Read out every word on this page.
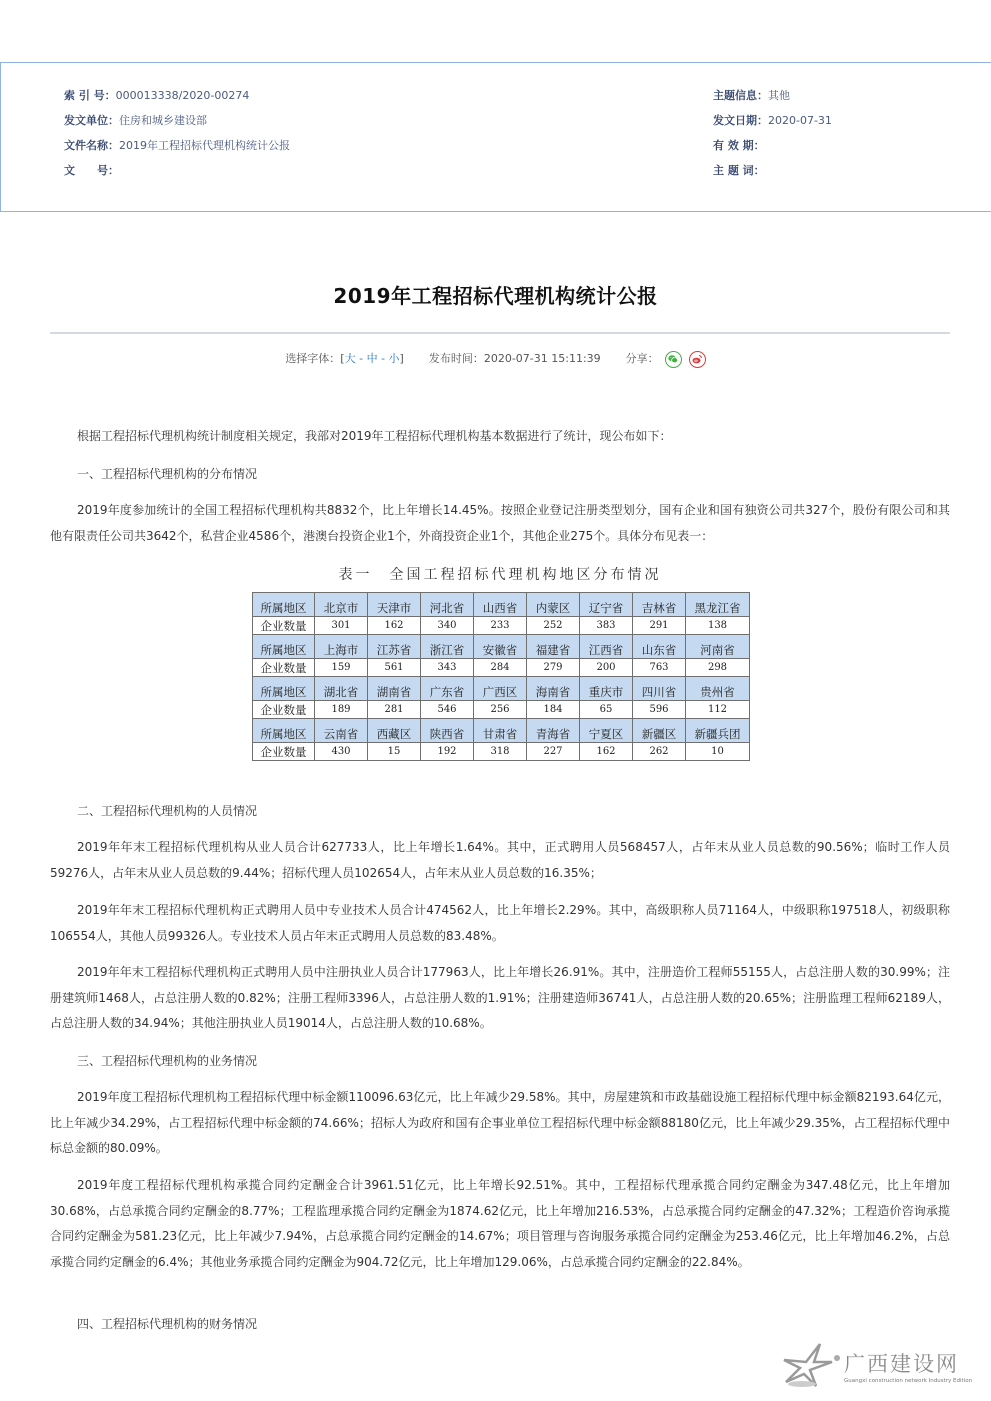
索 引 号：000013338/2020-00274
发文单位：住房和城乡建设部
文件名称：2019年工程招标代理机构统计公报
文　　号：
主题信息：其他
发文日期：2020-07-31
有 效 期：
主 题 词：
2019年工程招标代理机构统计公报
选择字体：[大 - 中 - 小] 发布时间：2020-07-31 15:11:39 分享：

根据工程招标代理机构统计制度相关规定，我部对2019年工程招标代理机构基本数据进行了统计，现公布如下：
一、工程招标代理机构的分布情况
2019年度参加统计的全国工程招标代理机构共8832个，比上年增长14.45%。按照企业登记注册类型划分，国有企业和国有独资公司共327个，股份有限公司和其他有限责任公司共3642个，私营企业4586个，港澳台投资企业1个，外商投资企业1个，其他企业275个。具体分布见表一：
表一　全国工程招标代理机构地区分布情况
所属地区	北京市	天津市	河北省	山西省	内蒙区	辽宁省	吉林省	黑龙江省
企业数量	301	162	340	233	252	383	291	138
所属地区	上海市	江苏省	浙江省	安徽省	福建省	江西省	山东省	河南省
企业数量	159	561	343	284	279	200	763	298
所属地区	湖北省	湖南省	广东省	广西区	海南省	重庆市	四川省	贵州省
企业数量	189	281	546	256	184	65	596	112
所属地区	云南省	西藏区	陕西省	甘肃省	青海省	宁夏区	新疆区	新疆兵团
企业数量	430	15	192	318	227	162	262	10
二、工程招标代理机构的人员情况
2019年年末工程招标代理机构从业人员合计627733人，比上年增长1.64%。其中，正式聘用人员568457人，占年末从业人员总数的90.56%；临时工作人员59276人，占年末从业人员总数的9.44%；招标代理人员102654人，占年末从业人员总数的16.35%；
2019年年末工程招标代理机构正式聘用人员中专业技术人员合计474562人，比上年增长2.29%。其中，高级职称人员71164人，中级职称197518人，初级职称106554人，其他人员99326人。专业技术人员占年末正式聘用人员总数的83.48%。
2019年年末工程招标代理机构正式聘用人员中注册执业人员合计177963人，比上年增长26.91%。其中，注册造价工程师55155人，占总注册人数的30.99%；注册建筑师1468人，占总注册人数的0.82%；注册工程师3396人，占总注册人数的1.91%；注册建造师36741人，占总注册人数的20.65%；注册监理工程师62189人，占总注册人数的34.94%；其他注册执业人员19014人，占总注册人数的10.68%。
三、工程招标代理机构的业务情况
2019年度工程招标代理机构工程招标代理中标金额110096.63亿元，比上年减少29.58%。其中，房屋建筑和市政基础设施工程招标代理中标金额82193.64亿元，比上年减少34.29%，占工程招标代理中标金额的74.66%；招标人为政府和国有企事业单位工程招标代理中标金额88180亿元，比上年减少29.35%，占工程招标代理中标总金额的80.09%。
2019年度工程招标代理机构承揽合同约定酬金合计3961.51亿元，比上年增长92.51%。其中，工程招标代理承揽合同约定酬金为347.48亿元，比上年增加30.68%，占总承揽合同约定酬金的8.77%；工程监理承揽合同约定酬金为1874.62亿元，比上年增加216.53%，占总承揽合同约定酬金的47.32%；工程造价咨询承揽合同约定酬金为581.23亿元，比上年减少7.94%，占总承揽合同约定酬金的14.67%；项目管理与咨询服务承揽合同约定酬金为253.46亿元，比上年增加46.2%，占总承揽合同约定酬金的6.4%；其他业务承揽合同约定酬金为904.72亿元，比上年增加129.06%，占总承揽合同约定酬金的22.84%。
四、工程招标代理机构的财务情况
广西建设网
Guangxi construction network Industry Edition
